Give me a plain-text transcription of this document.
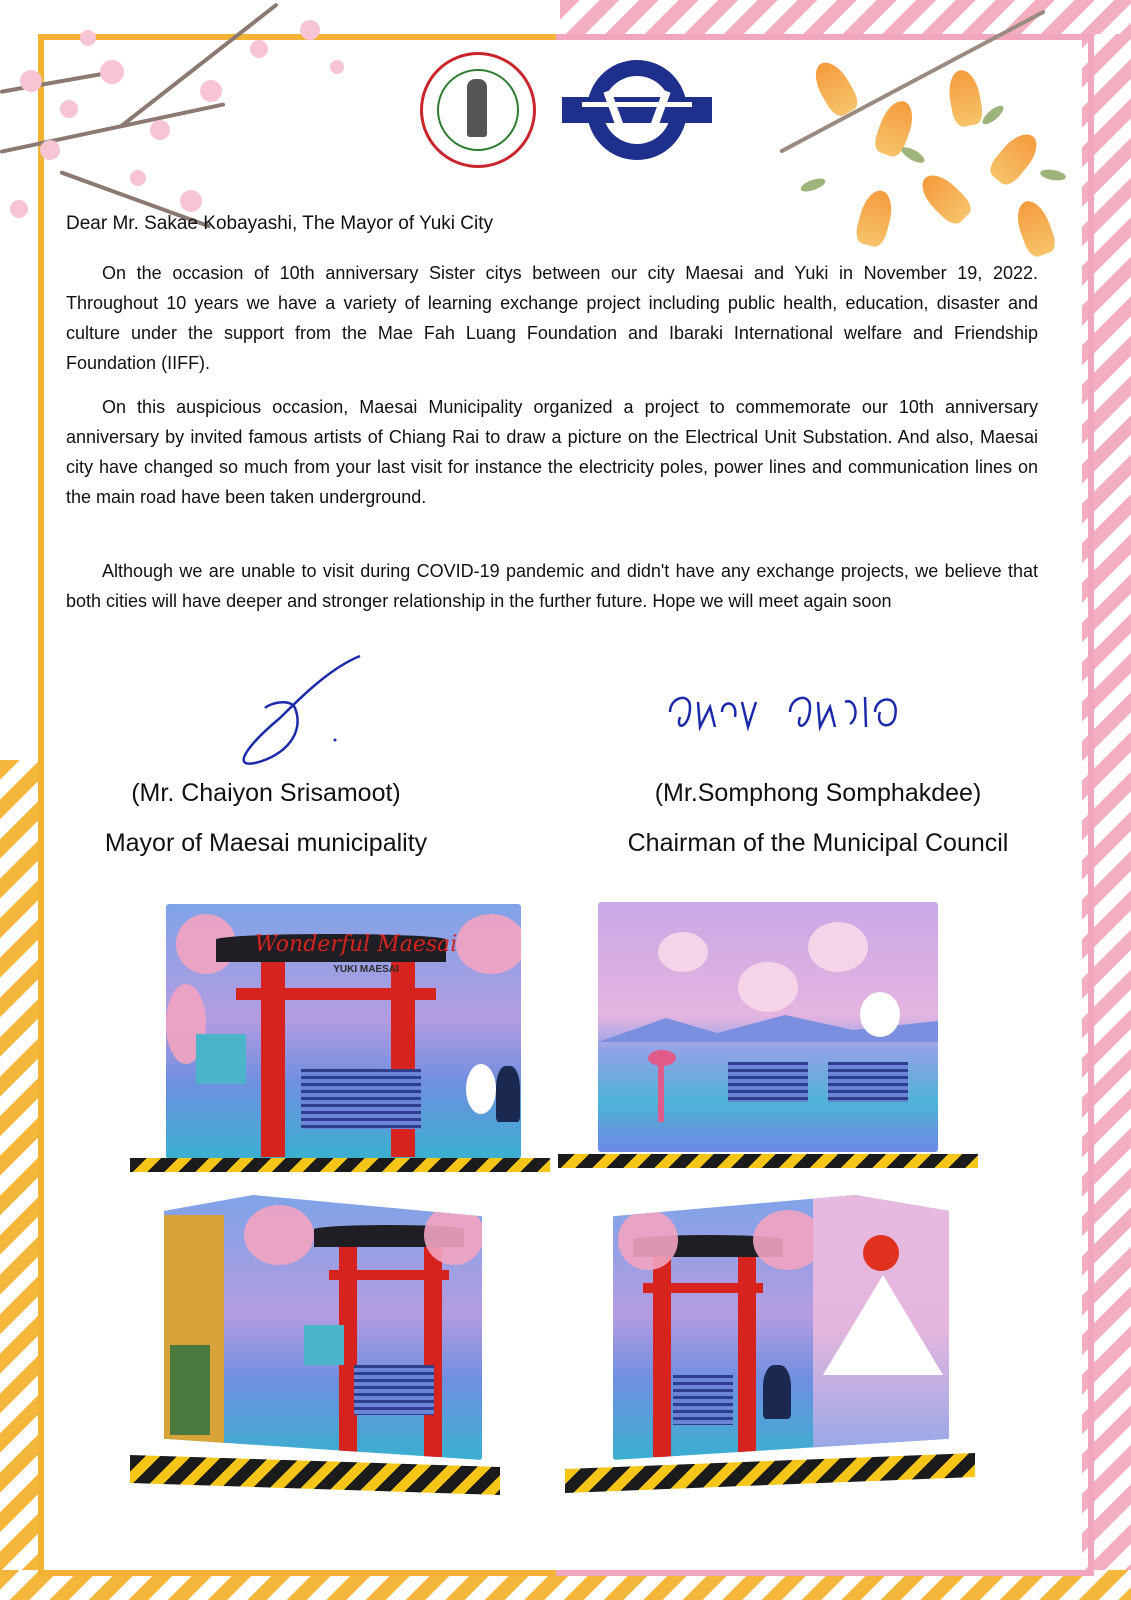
Dear Mr. Sakae Kobayashi, The Mayor of Yuki City
On the occasion of 10th anniversary Sister citys between our city Maesai and Yuki in November 19, 2022. Throughout 10 years we have a variety of learning exchange project including public health, education, disaster and culture under the support from the Mae Fah Luang Foundation and Ibaraki International welfare and Friendship Foundation (IIFF).
On this auspicious occasion, Maesai Municipality organized a project to commemorate our 10th anniversary anniversary by invited famous artists of Chiang Rai to draw a picture on the Electrical Unit Substation. And also, Maesai city have changed so much from your last visit for instance the electricity poles, power lines and communication lines on the main road have been taken underground.
Although we are unable to visit during COVID-19 pandemic and didn't have any exchange projects, we believe that both cities will have deeper and stronger relationship in the further future. Hope we will meet again soon
(Mr. Chaiyon Srisamoot)
Mayor of Maesai municipality
(Mr.Somphong Somphakdee)
Chairman of the Municipal Council
Wonderful Maesai
YUKI MAESAI
